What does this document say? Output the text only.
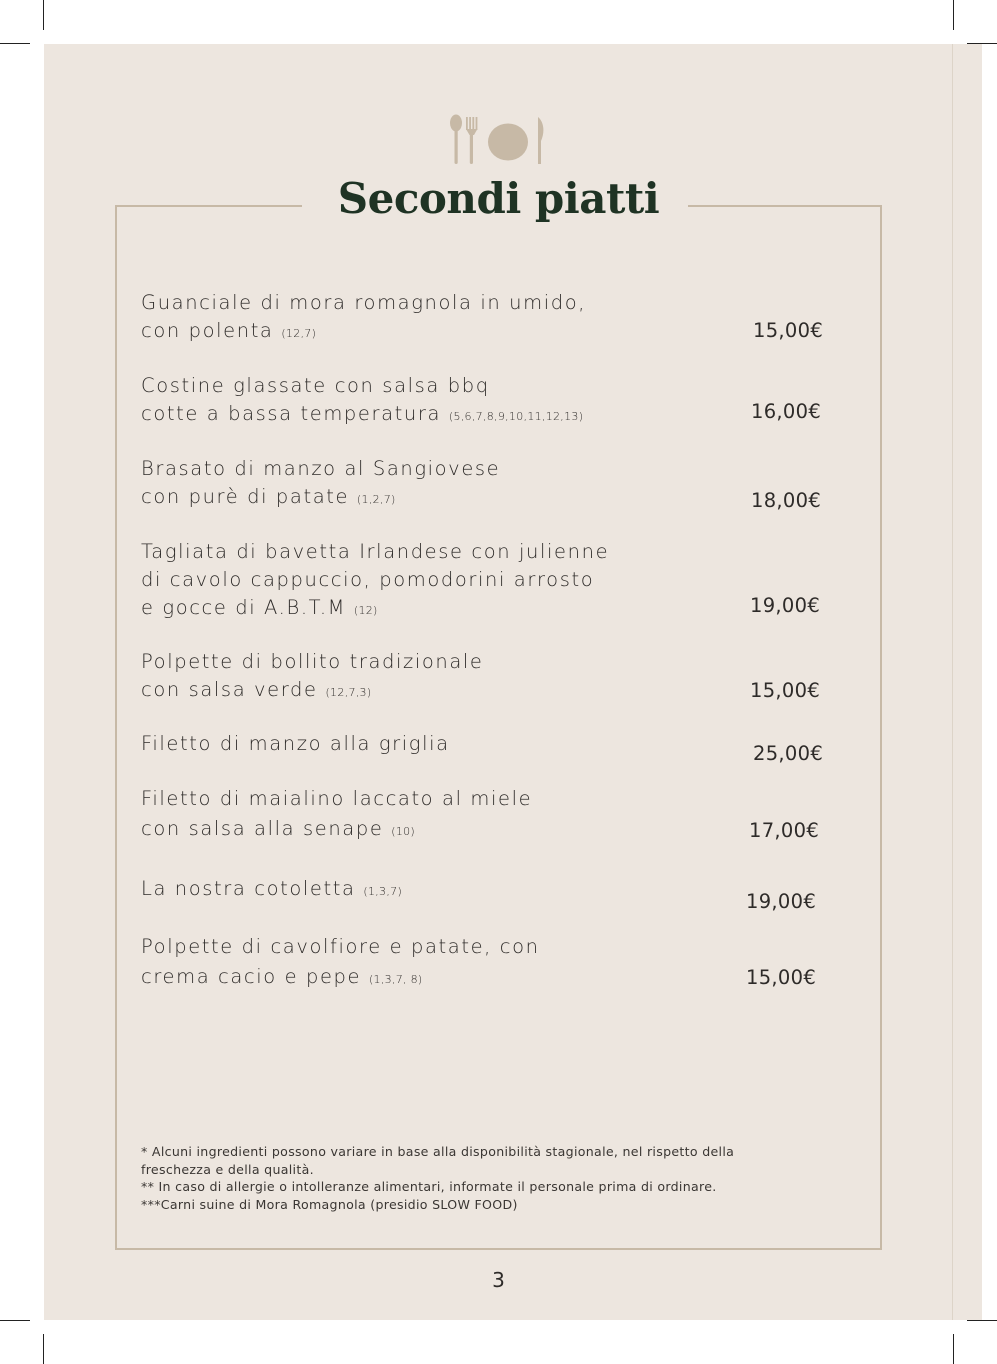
Secondi piatti
Guanciale di mora romagnola in umido,
con polenta (12,7)	15,00€
Costine glassate con salsa bbq
cotte a bassa temperatura (5,6,7,8,9,10,11,12,13)	16,00€
Brasato di manzo al Sangiovese
con purè di patate (1,2,7)	18,00€
Tagliata di bavetta Irlandese con julienne
di cavolo cappuccio, pomodorini arrosto
e gocce di A.B.T.M (12)	19,00€
Polpette di bollito tradizionale
con salsa verde (12,7,3)	15,00€
Filetto di manzo alla griglia	25,00€
Filetto di maialino laccato al miele
con salsa alla senape (10)	17,00€
La nostra cotoletta (1,3,7)	19,00€
Polpette di cavolfiore e patate, con
crema cacio e pepe (1,3,7, 8)	15,00€
* Alcuni ingredienti possono variare in base alla disponibilità stagionale, nel rispetto della
freschezza e della qualità.
** In caso di allergie o intolleranze alimentari, informate il personale prima di ordinare.
***Carni suine di Mora Romagnola (presidio SLOW FOOD)
3
